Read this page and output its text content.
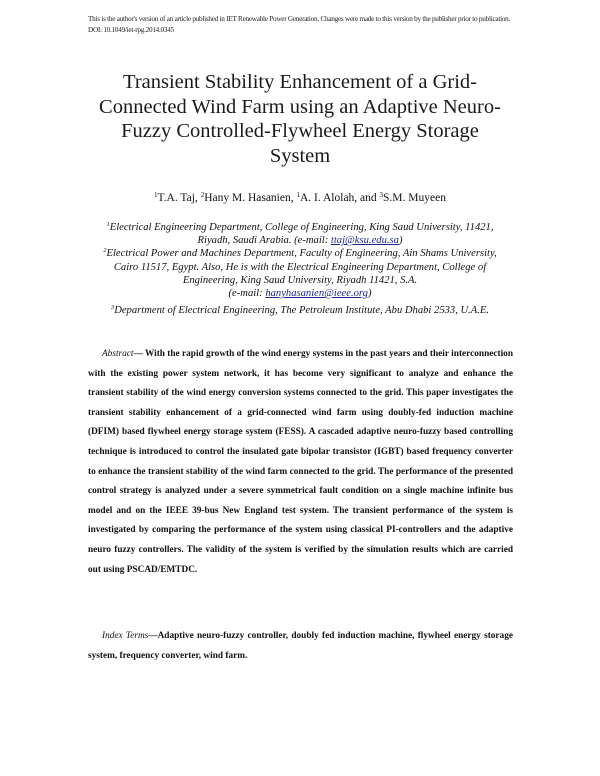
This is the author's version of an article published in IET Renewable Power Generation. Changes were made to this version by the publisher prior to publication.
DOI: 10.1049/iet-rpg.2014.0345
Transient Stability Enhancement of a Grid-
Connected Wind Farm using an Adaptive Neuro-
Fuzzy Controlled-Flywheel Energy Storage
System
$^1$T.A. Taj, $^2$Hany M. Hasanien, $^1$A. I. Alolah, and $^3$S.M. Muyeen
$^1$Electrical Engineering Department, College of Engineering, King Saud University, 11421,
Riyadh, Saudi Arabia. (e-mail: ttaj@ksu.edu.sa)
$^2$Electrical Power and Machines Department, Faculty of Engineering, Ain Shams University,
Cairo 11517, Egypt. Also, He is with the Electrical Engineering Department, College of
Engineering, King Saud University, Riyadh 11421, S.A.
(e-mail: hanyhasanien@ieee.org)
$^3$Department of Electrical Engineering, The Petroleum Institute, Abu Dhabi 2533, U.A.E.
Abstract— With the rapid growth of the wind energy systems in the past years and their interconnection with the existing power system network, it has become very significant to analyze and enhance the transient stability of the wind energy conversion systems connected to the grid. This paper investigates the transient stability enhancement of a grid-connected wind farm using doubly-fed induction machine (DFIM) based flywheel energy storage system (FESS). A cascaded adaptive neuro-fuzzy based controlling technique is introduced to control the insulated gate bipolar transistor (IGBT) based frequency converter to enhance the transient stability of the wind farm connected to the grid. The performance of the presented control strategy is analyzed under a severe symmetrical fault condition on a single machine infinite bus model and on the IEEE 39-bus New England test system. The transient performance of the system is investigated by comparing the performance of the system using classical PI-controllers and the adaptive neuro fuzzy controllers. The validity of the system is verified by the simulation results which are carried out using PSCAD/EMTDC.
Index Terms—Adaptive neuro-fuzzy controller, doubly fed induction machine, flywheel energy storage system, frequency converter, wind farm.
